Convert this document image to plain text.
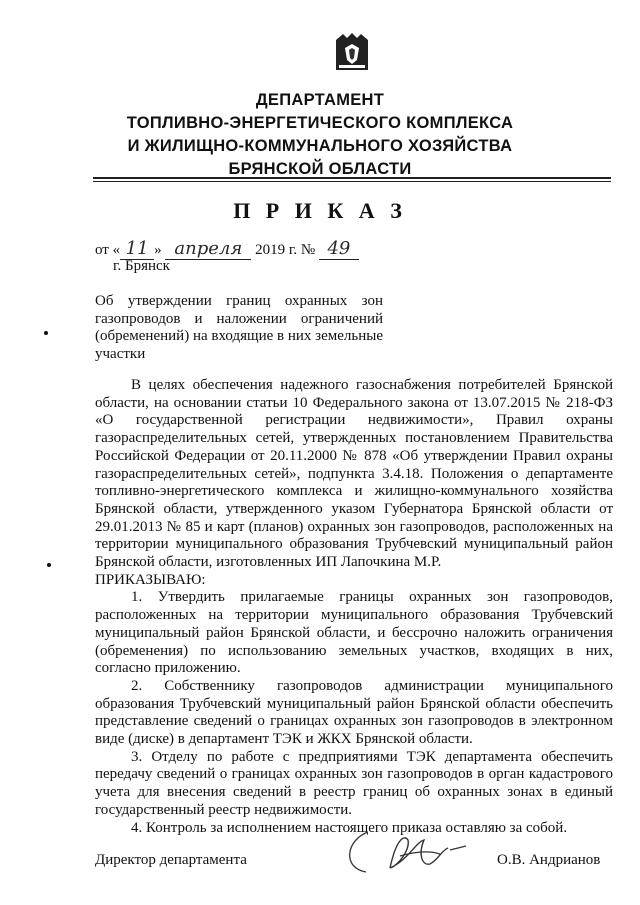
ДЕПАРТАМЕНТ
ТОПЛИВНО-ЭНЕРГЕТИЧЕСКОГО КОМПЛЕКСА
И ЖИЛИЩНО-КОММУНАЛЬНОГО ХОЗЯЙСТВА
БРЯНСКОЙ ОБЛАСТИ
П Р И К А З
от « 11 » апреля 2019 г. № 49
г. Брянск
Об утверждении границ охранных зон газопроводов и наложении ограничений (обременений) на входящие в них земельные участки

В целях обеспечения надежного газоснабжения потребителей Брянской области, на основании статьи 10 Федерального закона от 13.07.2015 № 218-ФЗ «О государственной регистрации недвижимости», Правил охраны газораспределительных сетей, утвержденных постановлением Правительства Российской Федерации от 20.11.2000 № 878 «Об утверждении Правил охраны газораспределительных сетей», подпункта 3.4.18. Положения о департаменте топливно-энергетического комплекса и жилищно-коммунального хозяйства Брянской области, утвержденного указом Губернатора Брянской области от 29.01.2013 № 85 и карт (планов) охранных зон газопроводов, расположенных на территории муниципального образования Трубчевский муниципальный район Брянской области, изготовленных ИП Лапочкина М.Р.

ПРИКАЗЫВАЮ:

1. Утвердить прилагаемые границы охранных зон газопроводов, расположенных на территории муниципального образования Трубчевский муниципальный район Брянской области, и бессрочно наложить ограничения (обременения) по использованию земельных участков, входящих в них, согласно приложению.

2. Собственнику газопроводов администрации муниципального образования Трубчевский муниципальный район Брянской области обеспечить представление сведений о границах охранных зон газопроводов в электронном виде (диске) в департамент ТЭК и ЖКХ Брянской области.

3. Отделу по работе с предприятиями ТЭК департамента обеспечить передачу сведений о границах охранных зон газопроводов в орган кадастрового учета для внесения сведений в реестр границ об охранных зонах в единый государственный реестр недвижимости.

4. Контроль за исполнением настоящего приказа оставляю за собой.

Директор департамента	О.В. Андрианов
